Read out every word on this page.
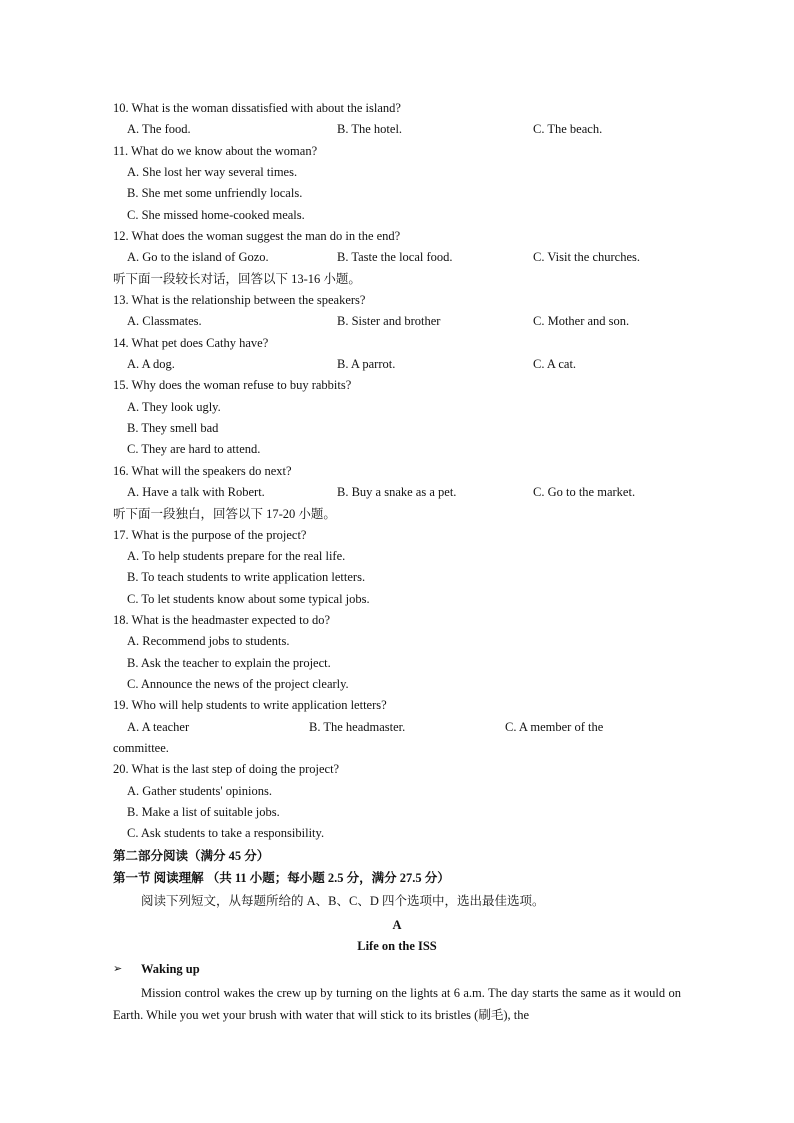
10. What is the woman dissatisfied with about the island?
A. The food.	B. The hotel.	C. The beach.
11. What do we know about the woman?
A. She lost her way several times.
B. She met some unfriendly locals.
C. She missed home-cooked meals.
12. What does the woman suggest the man do in the end?
A. Go to the island of Gozo.	B. Taste the local food.	C. Visit the churches.
听下面一段较长对话，回答以下 13-16 小题。
13. What is the relationship between the speakers?
A. Classmates.	B. Sister and brother	C. Mother and son.
14. What pet does Cathy have?
A. A dog.	B. A parrot.	C. A cat.
15. Why does the woman refuse to buy rabbits?
A. They look ugly.
B. They smell bad
C. They are hard to attend.
16. What will the speakers do next?
A. Have a talk with Robert.	B. Buy a snake as a pet.	C. Go to the market.
听下面一段独白，回答以下 17-20 小题。
17. What is the purpose of the project?
A. To help students prepare for the real life.
B. To teach students to write application letters.
C. To let students know about some typical jobs.
18. What is the headmaster expected to do?
A. Recommend jobs to students.
B. Ask the teacher to explain the project.
C. Announce the news of the project clearly.
19. Who will help students to write application letters?
A. A teacher	B. The headmaster.	C. A member of the
committee.
20. What is the last step of doing the project?
A. Gather students' opinions.
B. Make a list of suitable jobs.
C. Ask students to take a responsibility.
第二部分阅读（满分 45 分）
第一节 阅读理解 （共 11 小题；每小题 2.5 分，满分 27.5 分）
阅读下列短文，从每题所给的 A、B、C、D 四个选项中，选出最佳选项。
A
Life on the ISS
➢ Waking up
Mission control wakes the crew up by turning on the lights at 6 a.m. The day starts the same as it would on Earth. While you wet your brush with water that will stick to its bristles (刷毛), the
